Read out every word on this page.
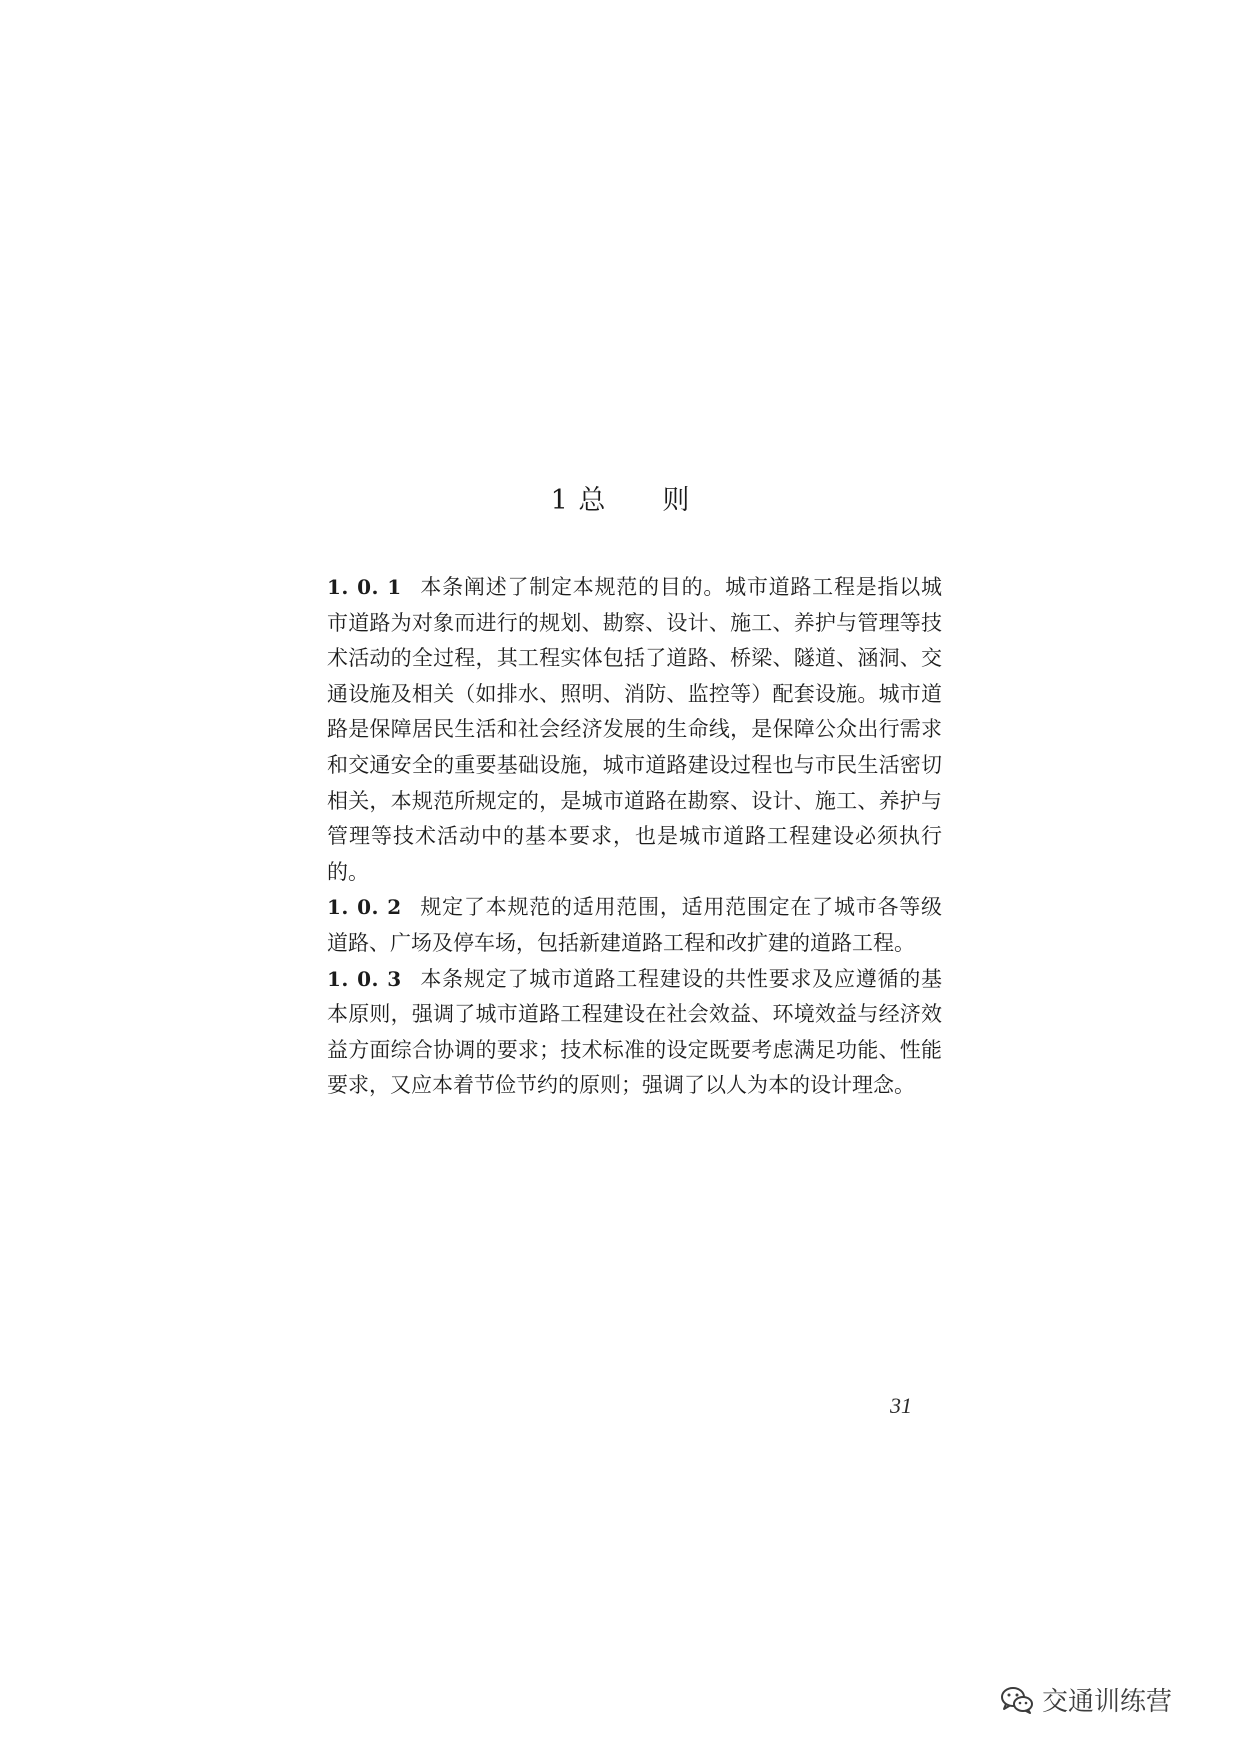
1 总　　则

1. 0. 1 本条阐述了制定本规范的目的。城市道路工程是指以城市道路为对象而进行的规划、勘察、设计、施工、养护与管理等技术活动的全过程，其工程实体包括了道路、桥梁、隧道、涵洞、交通设施及相关（如排水、照明、消防、监控等）配套设施。城市道路是保障居民生活和社会经济发展的生命线，是保障公众出行需求和交通安全的重要基础设施，城市道路建设过程也与市民生活密切相关，本规范所规定的，是城市道路在勘察、设计、施工、养护与管理等技术活动中的基本要求，也是城市道路工程建设必须执行的。

1. 0. 2 规定了本规范的适用范围，适用范围定在了城市各等级道路、广场及停车场，包括新建道路工程和改扩建的道路工程。

1. 0. 3 本条规定了城市道路工程建设的共性要求及应遵循的基本原则，强调了城市道路工程建设在社会效益、环境效益与经济效益方面综合协调的要求；技术标准的设定既要考虑满足功能、性能要求，又应本着节俭节约的原则；强调了以人为本的设计理念。

31
交通训练营
